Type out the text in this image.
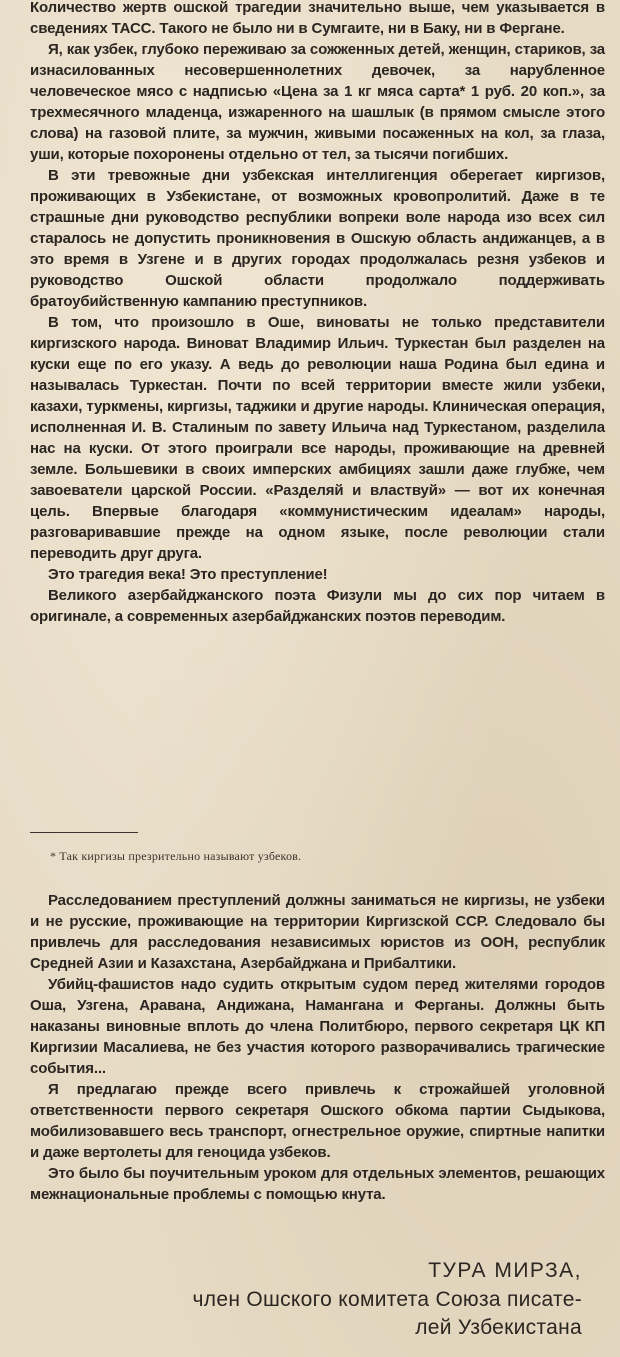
Количество жертв ошской трагедии значительно выше, чем указывается в сведениях ТАСС. Такого не было ни в Сумгаите, ни в Баку, ни в Фергане.

Я, как узбек, глубоко переживаю за сожженных детей, женщин, стариков, за изнасилованных несовершеннолетних девочек, за нарубленное человеческое мясо с надписью «Цена за 1 кг мяса сарта* 1 руб. 20 коп.», за трехмесячного младенца, изжаренного на шашлык (в прямом смысле этого слова) на газовой плите, за мужчин, живыми посаженных на кол, за глаза, уши, которые похоронены отдельно от тел, за тысячи погибших.

В эти тревожные дни узбекская интеллигенция оберегает киргизов, проживающих в Узбекистане, от возможных кровопролитий. Даже в те страшные дни руководство республики вопреки воле народа изо всех сил старалось не допустить проникновения в Ошскую область андижанцев, а в это время в Узгене и в других городах продолжалась резня узбеков и руководство Ошской области продолжало поддерживать братоубийственную кампанию преступников.

В том, что произошло в Оше, виноваты не только представители киргизского народа. Виноват Владимир Ильич. Туркестан был разделен на куски еще по его указу. А ведь до революции наша Родина был едина и называлась Туркестан. Почти по всей территории вместе жили узбеки, казахи, туркмены, киргизы, таджики и другие народы. Клиническая операция, исполненная И. В. Сталиным по завету Ильича над Туркестаном, разделила нас на куски. От этого проиграли все народы, проживающие на древней земле. Большевики в своих имперских амбициях зашли даже глубже, чем завоеватели царской России. «Разделяй и властвуй» — вот их конечная цель. Впервые благодаря «коммунистическим идеалам» народы, разговаривавшие прежде на одном языке, после революции стали переводить друг друга.

Это трагедия века! Это преступление!

Великого азербайджанского поэта Физули мы до сих пор читаем в оригинале, а современных азербайджанских поэтов переводим.

* Так киргизы презрительно называют узбеков.

Расследованием преступлений должны заниматься не киргизы, не узбеки и не русские, проживающие на территории Киргизской ССР. Следовало бы привлечь для расследования независимых юристов из ООН, республик Средней Азии и Казахстана, Азербайджана и Прибалтики.

Убийц-фашистов надо судить открытым судом перед жителями городов Оша, Узгена, Аравана, Андижана, Намангана и Ферганы. Должны быть наказаны виновные вплоть до члена Политбюро, первого секретаря ЦК КП Киргизии Масалиева, не без участия которого разворачивались трагические события...

Я предлагаю прежде всего привлечь к строжайшей уголовной ответственности первого секретаря Ошского обкома партии Сыдыкова, мобилизовавшего весь транспорт, огнестрельное оружие, спиртные напитки и даже вертолеты для геноцида узбеков.

Это было бы поучительным уроком для отдельных элементов, решающих межнациональные проблемы с помощью кнута.

ТУРА МИРЗА,
член Ошского комитета Союза писате-
лей Узбекистана
